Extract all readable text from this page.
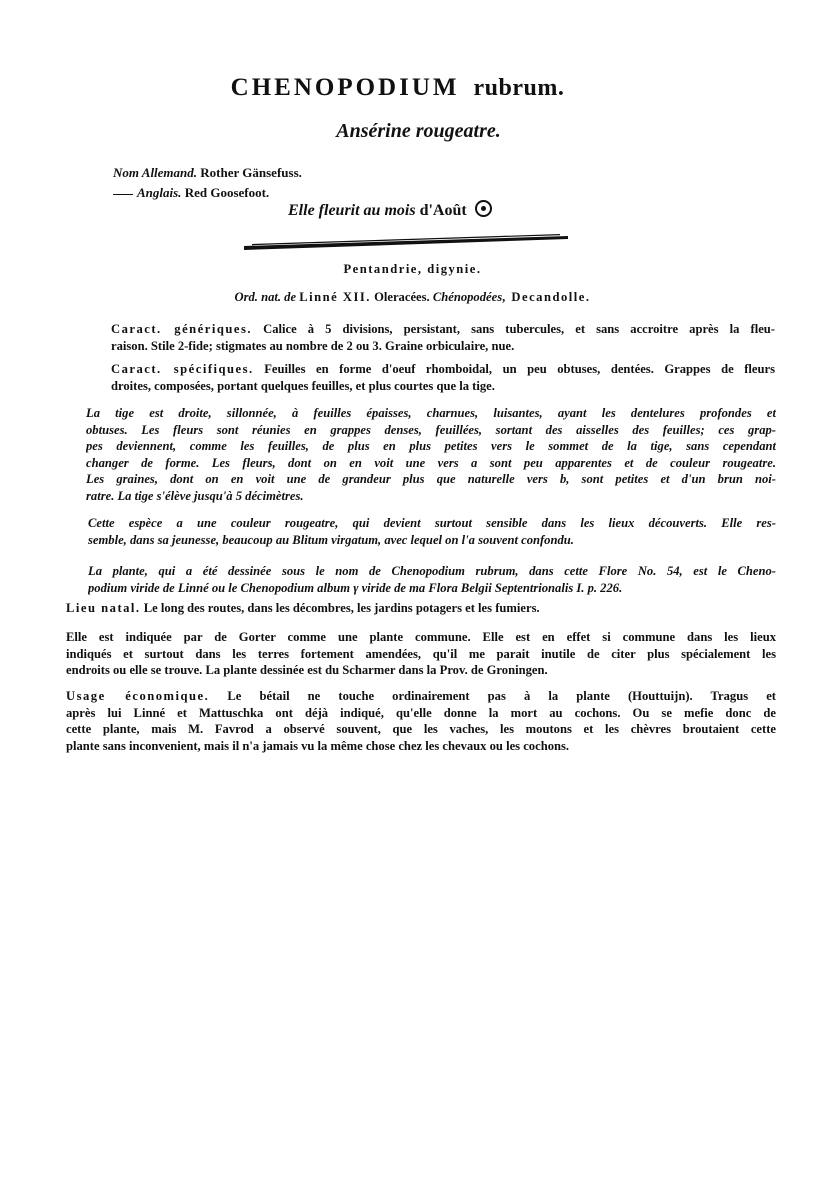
CHENOPODIUM rubrum.
Ansérine rougeatre.
Nom Allemand. Rother Gänsefuss.
Anglais. Red Goosefoot.
Elle fleurit au mois d'Août
Pentandrie, digynie.
Ord. nat. de Linné XII. Oleracées. Chénopodées, Decandolle.
Caract. génériques. Calice à 5 divisions, persistant, sans tubercules, et sans accroitre après la fleu-
raison. Stile 2-fide; stigmates au nombre de 2 ou 3. Graine orbiculaire, nue.
Caract. spécifiques. Feuilles en forme d'oeuf rhomboidal, un peu obtuses, dentées. Grappes de fleurs
droites, composées, portant quelques feuilles, et plus courtes que la tige.
La tige est droite, sillonnée, à feuilles épaisses, charnues, luisantes, ayant les dentelures profondes et
obtuses. Les fleurs sont réunies en grappes denses, feuillées, sortant des aisselles des feuilles; ces grap-
pes deviennent, comme les feuilles, de plus en plus petites vers le sommet de la tige, sans cependant
changer de forme. Les fleurs, dont on en voit une vers a sont peu apparentes et de couleur rougeatre.
Les graines, dont on en voit une de grandeur plus que naturelle vers b, sont petites et d'un brun noi-
ratre. La tige s'élève jusqu'à 5 décimètres.
Cette espèce a une couleur rougeatre, qui devient surtout sensible dans les lieux découverts. Elle res-
semble, dans sa jeunesse, beaucoup au Blitum virgatum, avec lequel on l'a souvent confondu.
La plante, qui a été dessinée sous le nom de Chenopodium rubrum, dans cette Flore No. 54, est le Cheno-
podium viride de Linné ou le Chenopodium album γ viride de ma Flora Belgii Septentrionalis I. p. 226.
Lieu natal. Le long des routes, dans les décombres, les jardins potagers et les fumiers.
Elle est indiquée par de Gorter comme une plante commune. Elle est en effet si commune dans les lieux
indiqués et surtout dans les terres fortement amendées, qu'il me parait inutile de citer plus spécialement les
endroits ou elle se trouve. La plante dessinée est du Scharmer dans la Prov. de Groningen.
Usage économique. Le bétail ne touche ordinairement pas à la plante (Houttuijn). Tragus et
après lui Linné et Mattuschka ont déjà indiqué, qu'elle donne la mort au cochons. Ou se mefie donc de
cette plante, mais M. Favrod a observé souvent, que les vaches, les moutons et les chèvres broutaient cette
plante sans inconvenient, mais il n'a jamais vu la même chose chez les chevaux ou les cochons.
